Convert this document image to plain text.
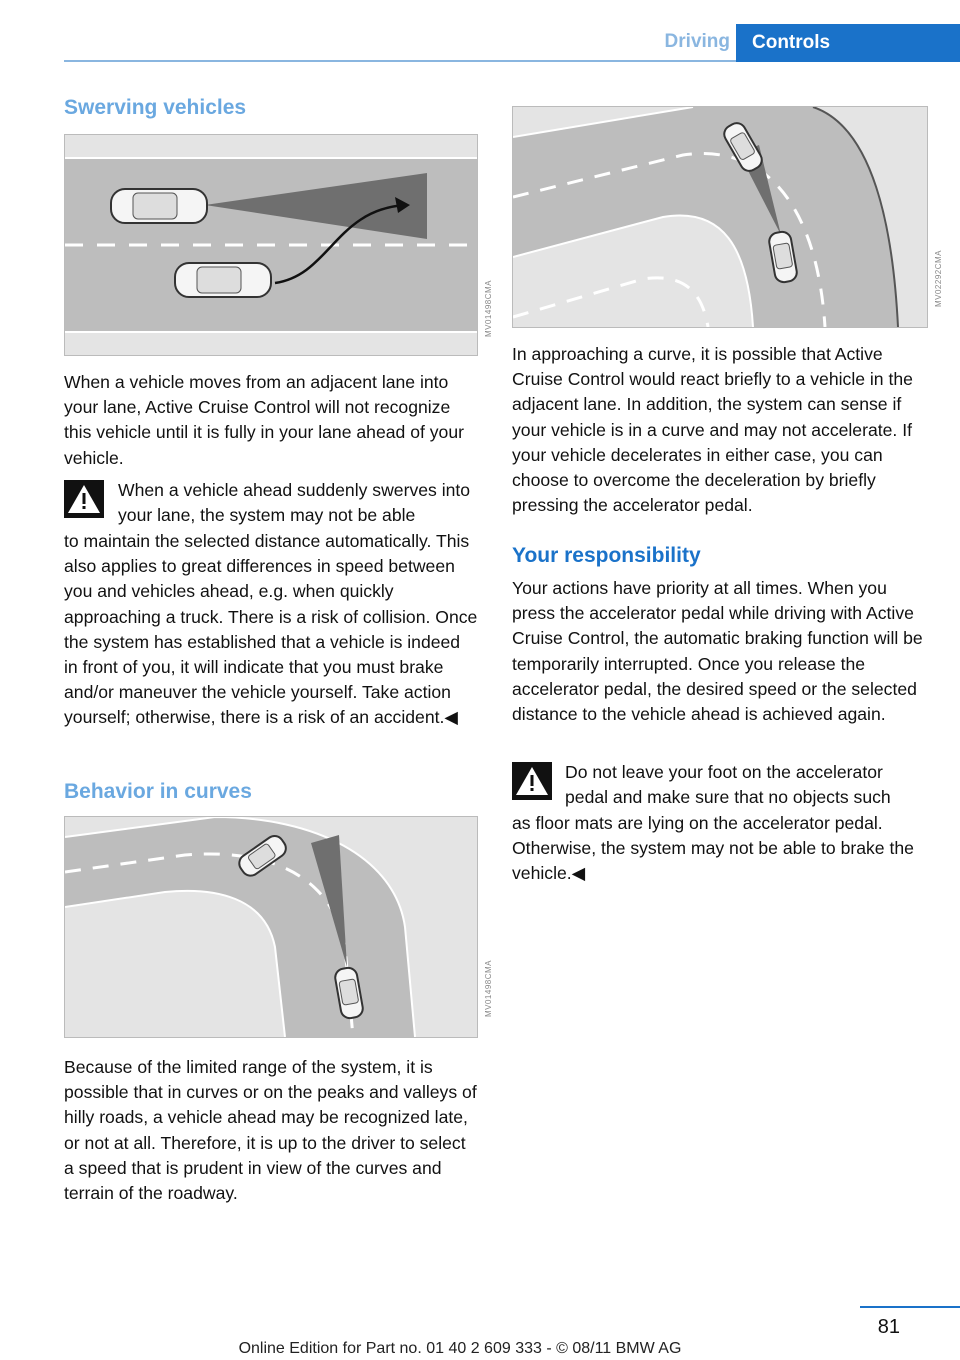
Driving	Controls
Swerving vehicles
MV01498CMA

When a vehicle moves from an adjacent lane into your lane, Active Cruise Control will not recognize this vehicle until it is fully in your lane ahead of your vehicle.

When a vehicle ahead suddenly swerves into your lane, the system may not be able

to maintain the selected distance automatically. This also applies to great differences in speed between you and vehicles ahead, e.g. when quickly approaching a truck. There is a risk of collision. Once the system has established that a vehicle is indeed in front of you, it will indicate that you must brake and/or maneuver the vehicle yourself. Take action yourself; otherwise, there is a risk of an accident.◀

Behavior in curves
MV01498CMA

Because of the limited range of the system, it is possible that in curves or on the peaks and valleys of hilly roads, a vehicle ahead may be recognized late, or not at all. Therefore, it is up to the driver to select a speed that is prudent in view of the curves and terrain of the roadway.

MV02292CMA

In approaching a curve, it is possible that Active Cruise Control would react briefly to a vehicle in the adjacent lane. In addition, the system can sense if your vehicle is in a curve and may not accelerate. If your vehicle decelerates in either case, you can choose to overcome the deceleration by briefly pressing the accelerator pedal.

Your responsibility

Your actions have priority at all times. When you press the accelerator pedal while driving with Active Cruise Control, the automatic braking function will be temporarily interrupted. Once you release the accelerator pedal, the desired speed or the selected distance to the vehicle ahead is achieved again.

Do not leave your foot on the accelerator pedal and make sure that no objects such

as floor mats are lying on the accelerator pedal. Otherwise, the system may not be able to brake the vehicle.◀

81
Online Edition for Part no. 01 40 2 609 333 - © 08/11 BMW AG
